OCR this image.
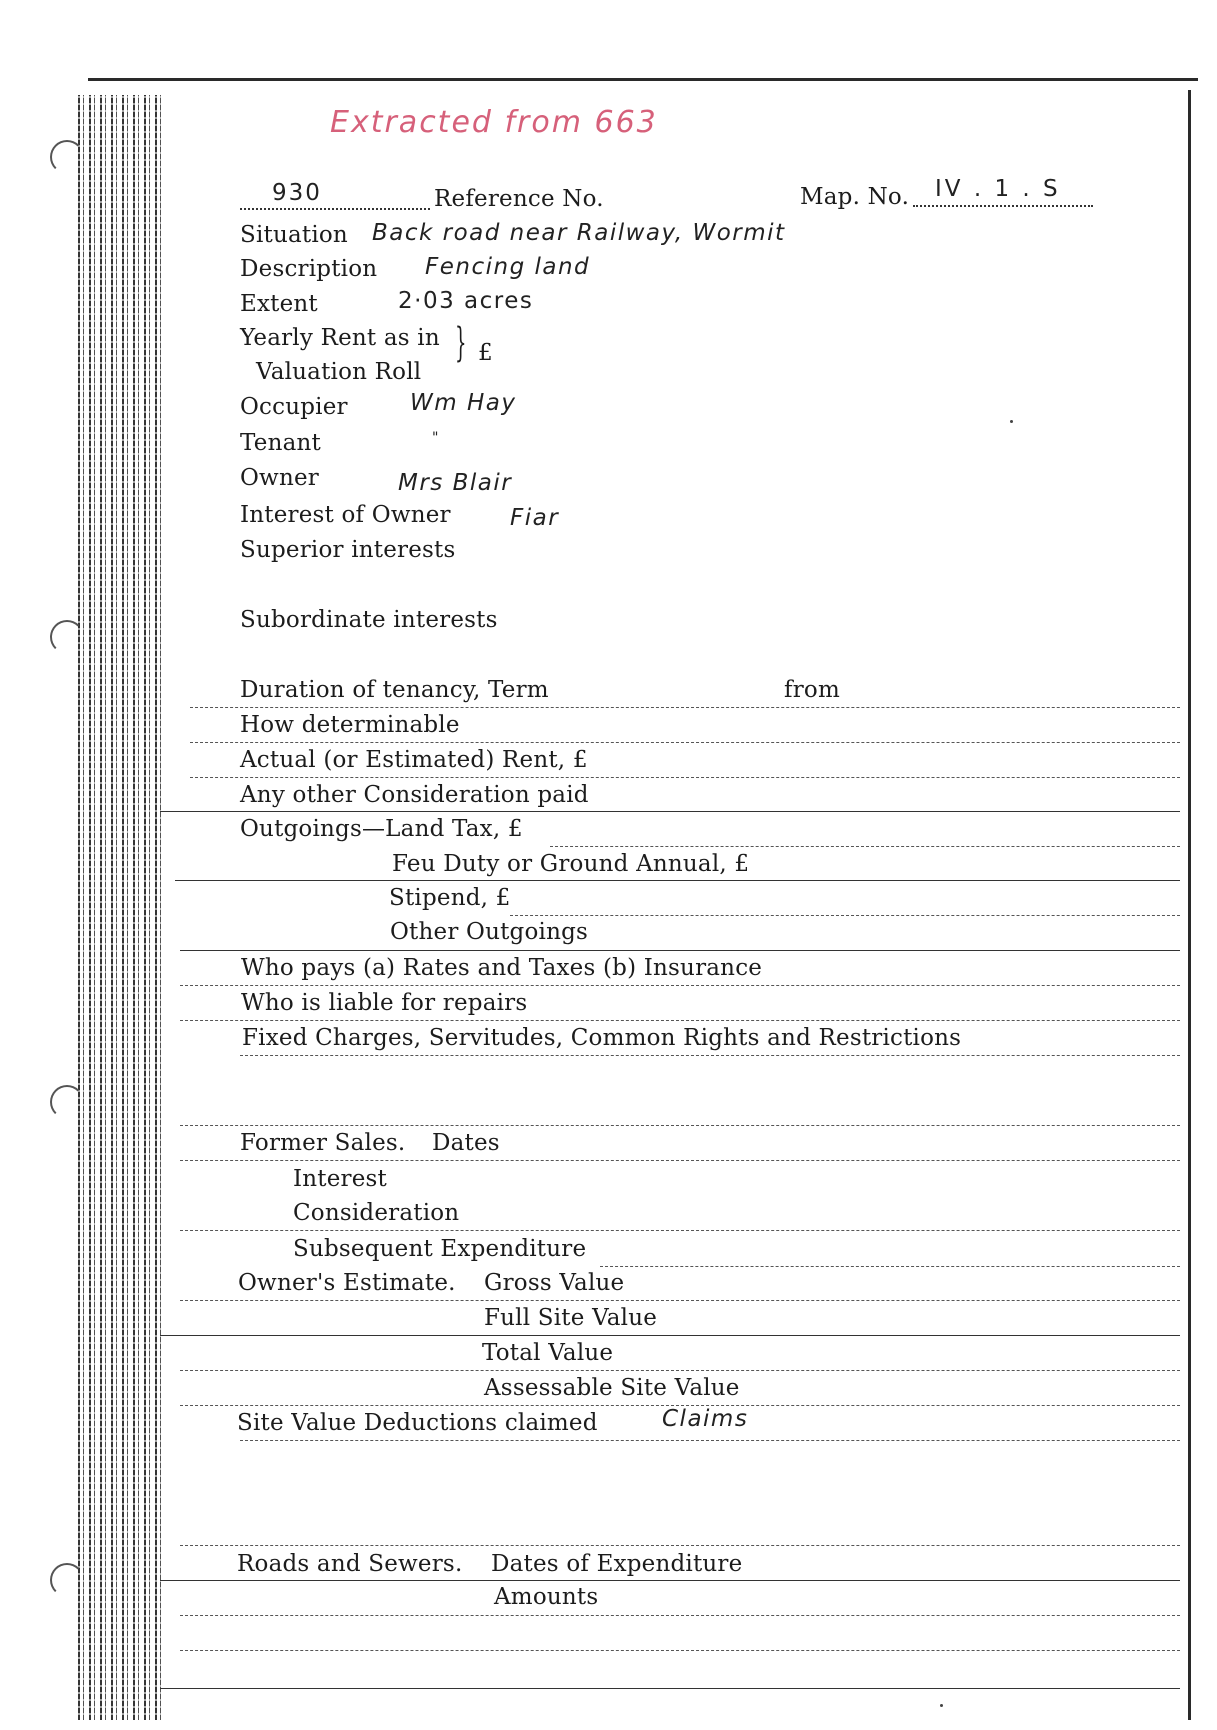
Extracted from 663
930	Reference No.	Map. No. IV . 1 . S
Situation Back road near Railway, Wormit
Description Fencing land
Extent	2·03 acres
Yearly Rent as in
Valuation Roll
} £
Occupier	Wm Hay
Tenant	"
Owner	Mrs Blair
Interest of Owner	Fiar
Superior interests
Subordinate interests
Duration of tenancy, Term	from
How determinable
Actual (or Estimated) Rent, £
Any other Consideration paid
Outgoings—Land Tax, £
Feu Duty or Ground Annual, £
Stipend, £
Other Outgoings
Who pays (a) Rates and Taxes (b) Insurance
Who is liable for repairs
Fixed Charges, Servitudes, Common Rights and Restrictions
Former Sales. Dates
Interest
Consideration
Subsequent Expenditure
Owner's Estimate. Gross Value
Full Site Value
Total Value
Assessable Site Value
Site Value Deductions claimed	Claims
Roads and Sewers. Dates of Expenditure
Amounts
